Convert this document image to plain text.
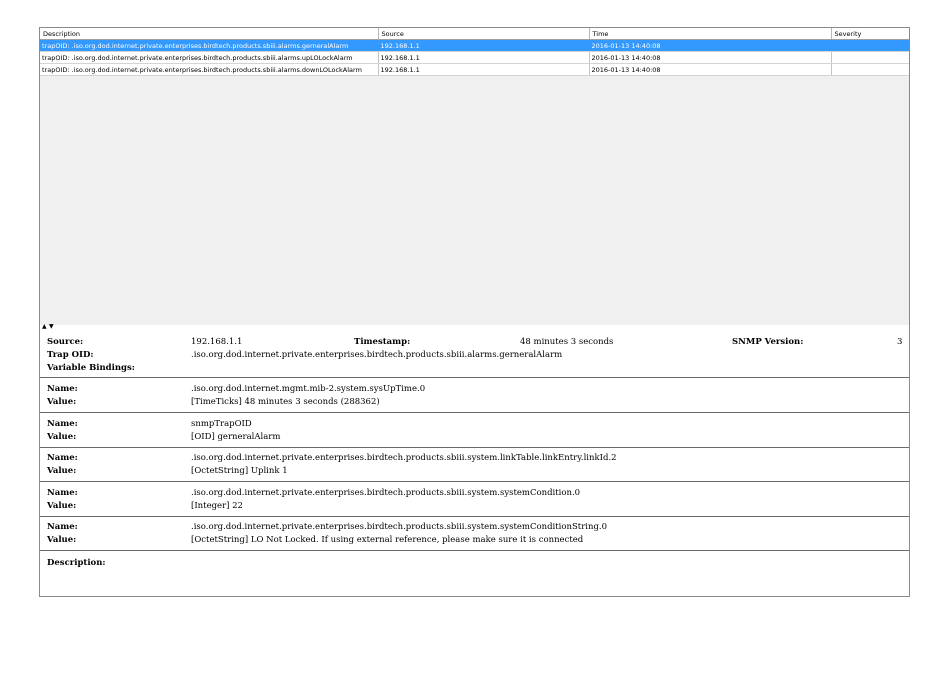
Description	Source	Time	Severity
trapOID: .iso.org.dod.internet.private.enterprises.birdtech.products.sbiii.alarms.gerneralAlarm	192.168.1.1	2016-01-13 14:40:08	
trapOID: .iso.org.dod.internet.private.enterprises.birdtech.products.sbiii.alarms.upLOLockAlarm	192.168.1.1	2016-01-13 14:40:08	
trapOID: .iso.org.dod.internet.private.enterprises.birdtech.products.sbiii.alarms.downLOLockAlarm	192.168.1.1	2016-01-13 14:40:08	
▲ ▼
Source:	192.168.1.1	Timestamp:	48 minutes 3 seconds	SNMP Version:	3
Trap OID:	.iso.org.dod.internet.private.enterprises.birdtech.products.sbiii.alarms.gerneralAlarm
Variable Bindings:
Name:	.iso.org.dod.internet.mgmt.mib-2.system.sysUpTime.0
Value:	[TimeTicks] 48 minutes 3 seconds (288362)
Name:	snmpTrapOID
Value:	[OID] gerneralAlarm
Name:	.iso.org.dod.internet.private.enterprises.birdtech.products.sbiii.system.linkTable.linkEntry.linkId.2
Value:	[OctetString] Uplink 1
Name:	.iso.org.dod.internet.private.enterprises.birdtech.products.sbiii.system.systemCondition.0
Value:	[Integer] 22
Name:	.iso.org.dod.internet.private.enterprises.birdtech.products.sbiii.system.systemConditionString.0
Value:	[OctetString] LO Not Locked. If using external reference, please make sure it is connected
Description:
